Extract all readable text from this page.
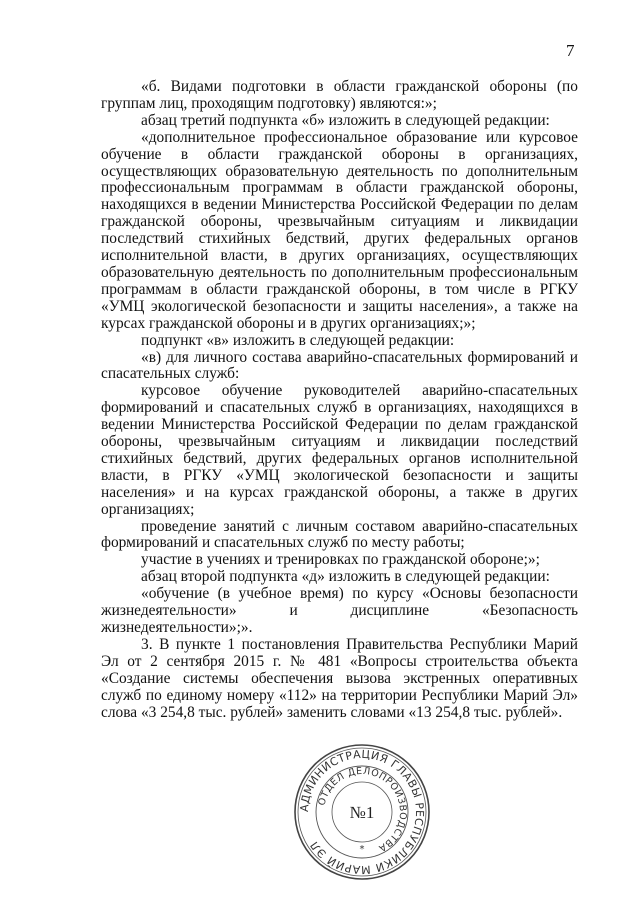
7

«б. Видами подготовки в области гражданской обороны (по группам лиц, проходящим подготовку) являются:»;

абзац третий подпункта «б» изложить в следующей редакции:

«дополнительное профессиональное образование или курсовое обучение в области гражданской обороны в организациях, осуществляющих образовательную деятельность по дополнительным профессиональным программам в области гражданской обороны, находящихся в ведении Министерства Российской Федерации по делам гражданской обороны, чрезвычайным ситуациям и ликвидации последствий стихийных бедствий, других федеральных органов исполнительной власти, в других организациях, осуществляющих образовательную деятельность по дополнительным профессиональным программам в области гражданской обороны, в том числе в РГКУ «УМЦ экологической безопасности и защиты населения», а также на курсах гражданской обороны и в других организациях;»;

подпункт «в» изложить в следующей редакции:

«в) для личного состава аварийно-спасательных формирований и спасательных служб:

курсовое обучение руководителей аварийно-спасательных формирований и спасательных служб в организациях, находящихся в ведении Министерства Российской Федерации по делам гражданской обороны, чрезвычайным ситуациям и ликвидации последствий стихийных бедствий, других федеральных органов исполнительной власти, в РГКУ «УМЦ экологической безопасности и защиты населения» и на курсах гражданской обороны, а также в других организациях;

проведение занятий с личным составом аварийно-спасательных формирований и спасательных служб по месту работы;

участие в учениях и тренировках по гражданской обороне;»;

абзац второй подпункта «д» изложить в следующей редакции:

«обучение (в учебное время) по курсу «Основы безопасности жизнедеятельности» и дисциплине «Безопасность жизнедеятельности»;».

3. В пункте 1 постановления Правительства Республики Марий Эл от 2 сентября 2015 г. № 481 «Вопросы строительства объекта «Создание системы обеспечения вызова экстренных оперативных служб по единому номеру «112» на территории Республики Марий Эл» слова «3 254,8 тыс. рублей» заменить словами «13 254,8 тыс. рублей».

АДМИНИСТРАЦИЯ ГЛАВЫ РЕСПУБЛИКИ МАРИЙ ЭЛ
ОТДЕЛ ДЕЛОПРОИЗВОДСТВА
№1
*
